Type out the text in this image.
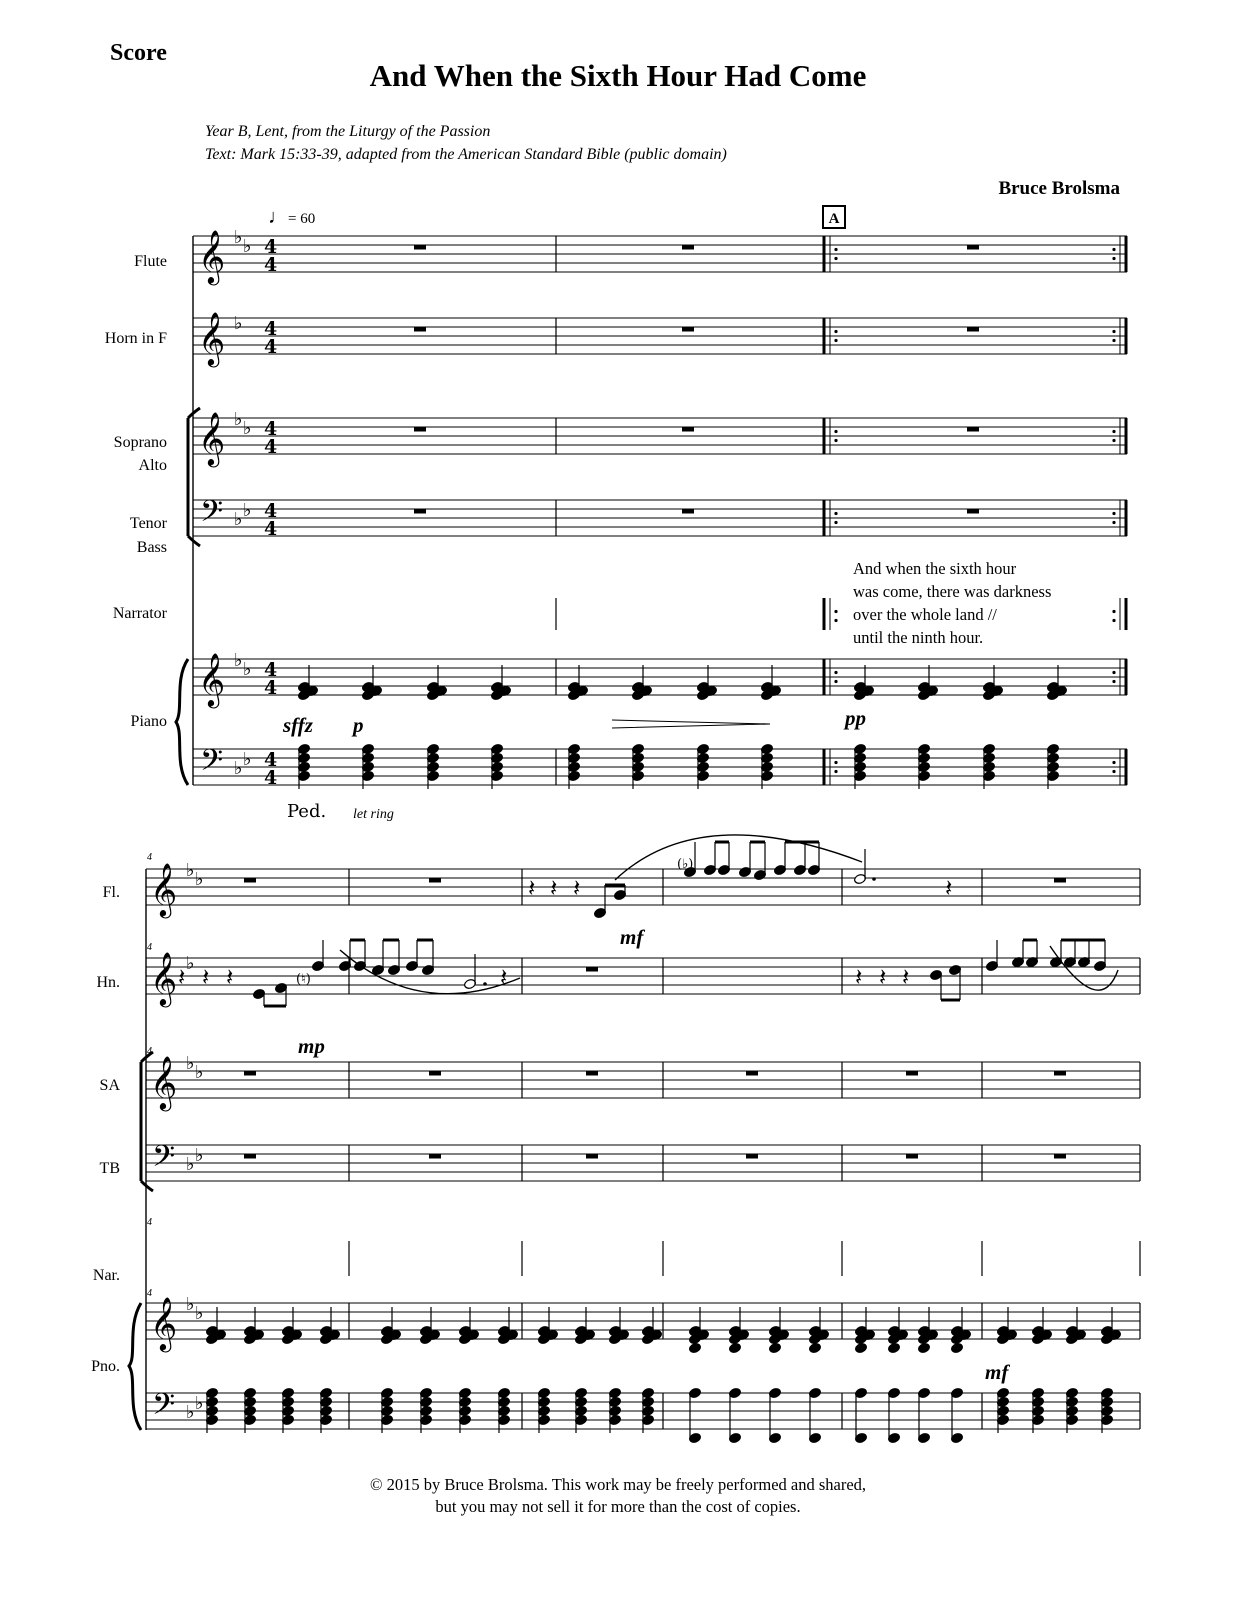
Score
And When the Sixth Hour Had Come
Year B, Lent, from the Liturgy of the Passion
Text: Mark 15:33-39, adapted from the American Standard Bible (public domain)
Bruce Brolsma
♩= 60	A
Flute
Horn in F
Soprano
Alto
Tenor
Bass
Narrator
Piano
And when the sixth hour
was come, there was darkness
over the whole land //
until the ninth hour.
sffz p	pp
Ped. let ring
Fl.
Hn.
SA
TB
Nar.
Pno.
4
4
4
4
4
mp
mf
mf
© 2015 by Bruce Brolsma. This work may be freely performed and shared,
but you may not sell it for more than the cost of copies.
𝄞 ♭ ♭ 4
4
𝄞 ♭ 4
4
𝄞 ♭ ♭ 4
4
𝄞 ♭ ♭ 4
4
𝄢 ♭ ♭ 4
4
𝄢 ♭ ♭ 4
4
𝄞 ♭ ♭
𝄞 ♭
𝄞 ♭ ♭
𝄞 ♭ ♭
𝄢 ♭ ♭
𝄢 ♭ ♭
𝄽 𝄽 𝄽	𝄽
(♭)
𝄽 𝄽 𝄽	(♮)	𝄽	𝄽 𝄽 𝄽
